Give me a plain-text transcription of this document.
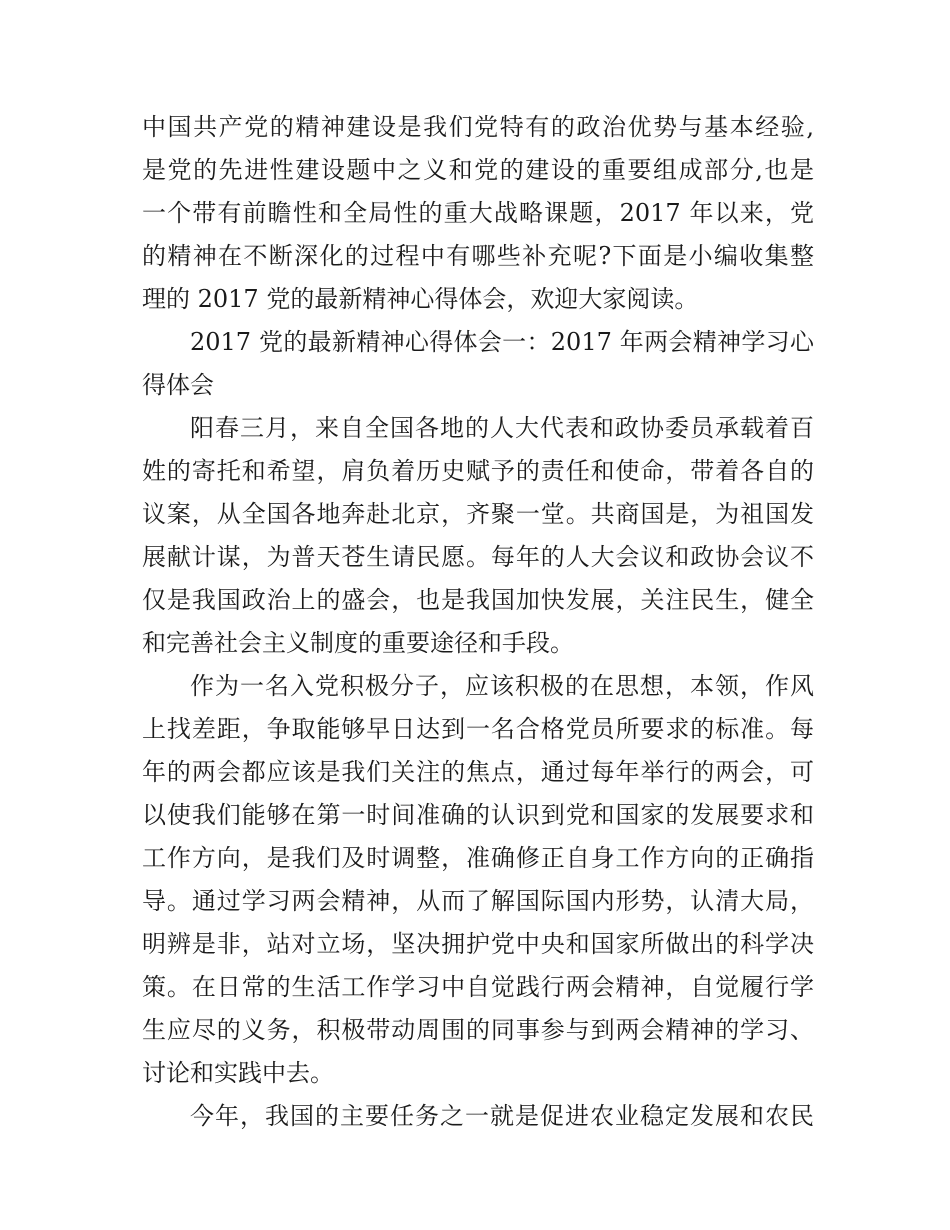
中国共产党的精神建设是我们党特有的政治优势与基本经验,
是党的先进性建设题中之义和党的建设的重要组成部分,也是
一个带有前瞻性和全局性的重大战略课题，2017 年以来，党
的精神在不断深化的过程中有哪些补充呢?下面是小编收集整
理的 2017 党的最新精神心得体会，欢迎大家阅读。
2017 党的最新精神心得体会一：2017 年两会精神学习心
得体会
阳春三月，来自全国各地的人大代表和政协委员承载着百
姓的寄托和希望，肩负着历史赋予的责任和使命，带着各自的
议案，从全国各地奔赴北京，齐聚一堂。共商国是，为祖国发
展献计谋，为普天苍生请民愿。每年的人大会议和政协会议不
仅是我国政治上的盛会，也是我国加快发展，关注民生，健全
和完善社会主义制度的重要途径和手段。
作为一名入党积极分子，应该积极的在思想，本领，作风
上找差距，争取能够早日达到一名合格党员所要求的标准。每
年的两会都应该是我们关注的焦点，通过每年举行的两会，可
以使我们能够在第一时间准确的认识到党和国家的发展要求和
工作方向，是我们及时调整，准确修正自身工作方向的正确指
导。通过学习两会精神，从而了解国际国内形势，认清大局，
明辨是非，站对立场，坚决拥护党中央和国家所做出的科学决
策。在日常的生活工作学习中自觉践行两会精神，自觉履行学
生应尽的义务，积极带动周围的同事参与到两会精神的学习、
讨论和实践中去。
今年，我国的主要任务之一就是促进农业稳定发展和农民
